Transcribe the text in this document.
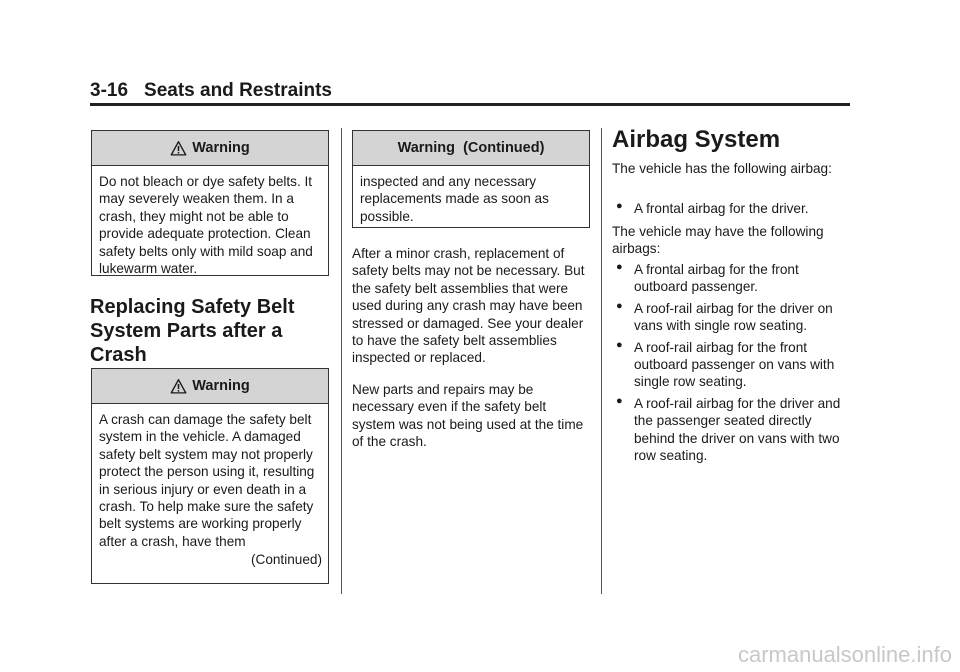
3-16 Seats and Restraints
Warning
Do not bleach or dye safety belts. It may severely weaken them. In a crash, they might not be able to provide adequate protection. Clean safety belts only with mild soap and lukewarm water.
Replacing Safety Belt System Parts after a Crash
Warning
A crash can damage the safety belt system in the vehicle. A damaged safety belt system may not properly protect the person using it, resulting in serious injury or even death in a crash. To help make sure the safety belt systems are working properly after a crash, have them
(Continued)
Warning  (Continued)
inspected and any necessary replacements made as soon as possible.

After a minor crash, replacement of safety belts may not be necessary. But the safety belt assemblies that were used during any crash may have been stressed or damaged. See your dealer to have the safety belt assemblies inspected or replaced.

New parts and repairs may be necessary even if the safety belt system was not being used at the time of the crash.

Airbag System

The vehicle has the following airbag:

● A frontal airbag for the driver.

The vehicle may have the following airbags:

● A frontal airbag for the front outboard passenger.
● A roof-rail airbag for the driver on vans with single row seating.
● A roof-rail airbag for the front outboard passenger on vans with single row seating.
● A roof-rail airbag for the driver and the passenger seated directly behind the driver on vans with two row seating.
carmanualsonline.info
